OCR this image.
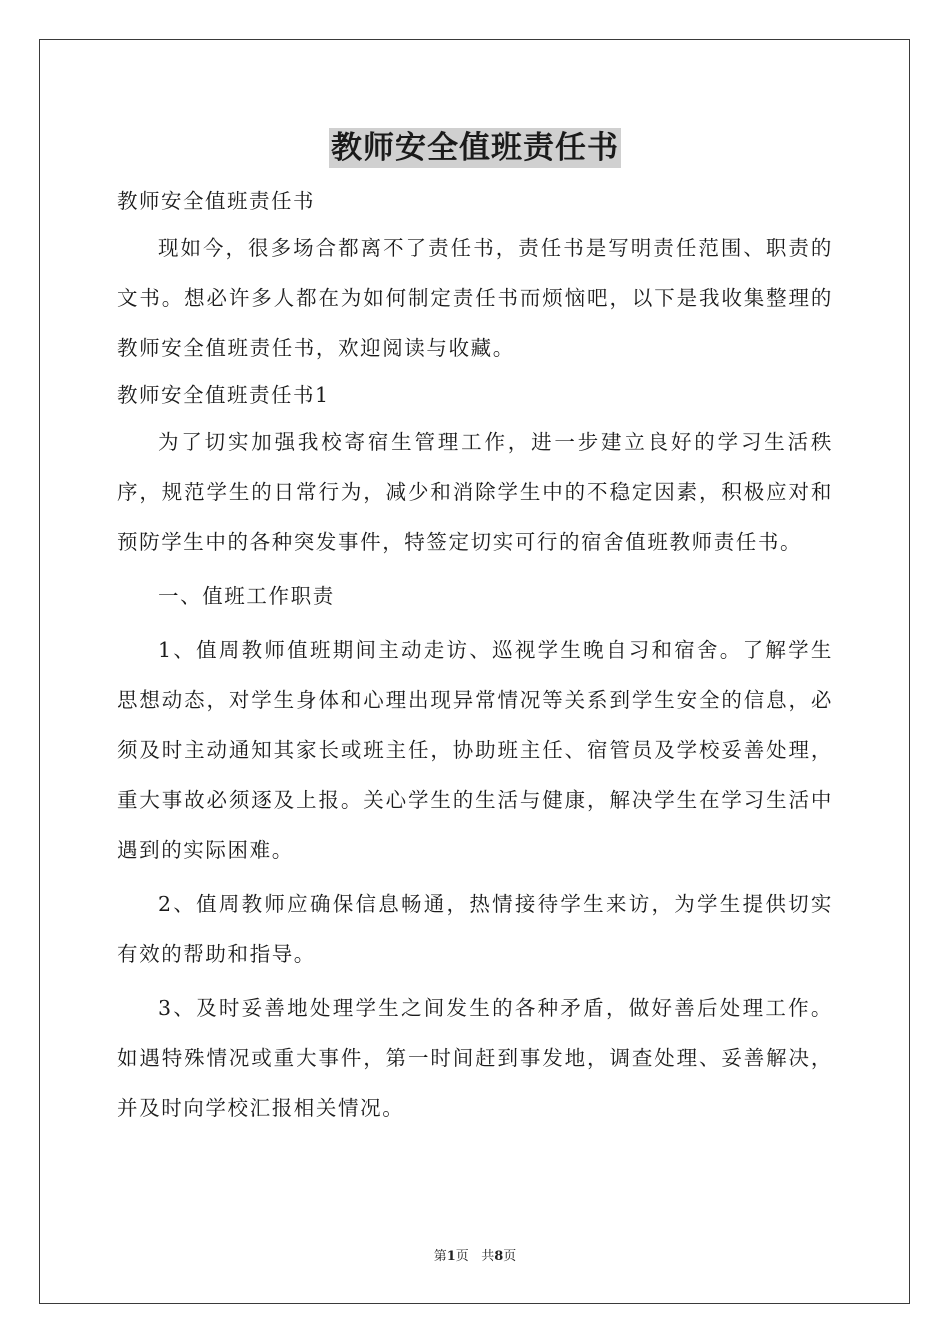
教师安全值班责任书

教师安全值班责任书

现如今，很多场合都离不了责任书，责任书是写明责任范围、职责的文书。想必许多人都在为如何制定责任书而烦恼吧，以下是我收集整理的教师安全值班责任书，欢迎阅读与收藏。

教师安全值班责任书1

为了切实加强我校寄宿生管理工作，进一步建立良好的学习生活秩序，规范学生的日常行为，减少和消除学生中的不稳定因素，积极应对和预防学生中的各种突发事件，特签定切实可行的宿舍值班教师责任书。

一、值班工作职责

1、值周教师值班期间主动走访、巡视学生晚自习和宿舍。了解学生思想动态，对学生身体和心理出现异常情况等关系到学生安全的信息，必须及时主动通知其家长或班主任，协助班主任、宿管员及学校妥善处理，重大事故必须逐及上报。关心学生的生活与健康，解决学生在学习生活中遇到的实际困难。

2、值周教师应确保信息畅通，热情接待学生来访，为学生提供切实有效的帮助和指导。

3、及时妥善地处理学生之间发生的各种矛盾，做好善后处理工作。如遇特殊情况或重大事件，第一时间赶到事发地，调查处理、妥善解决，并及时向学校汇报相关情况。

第1页 共8页
